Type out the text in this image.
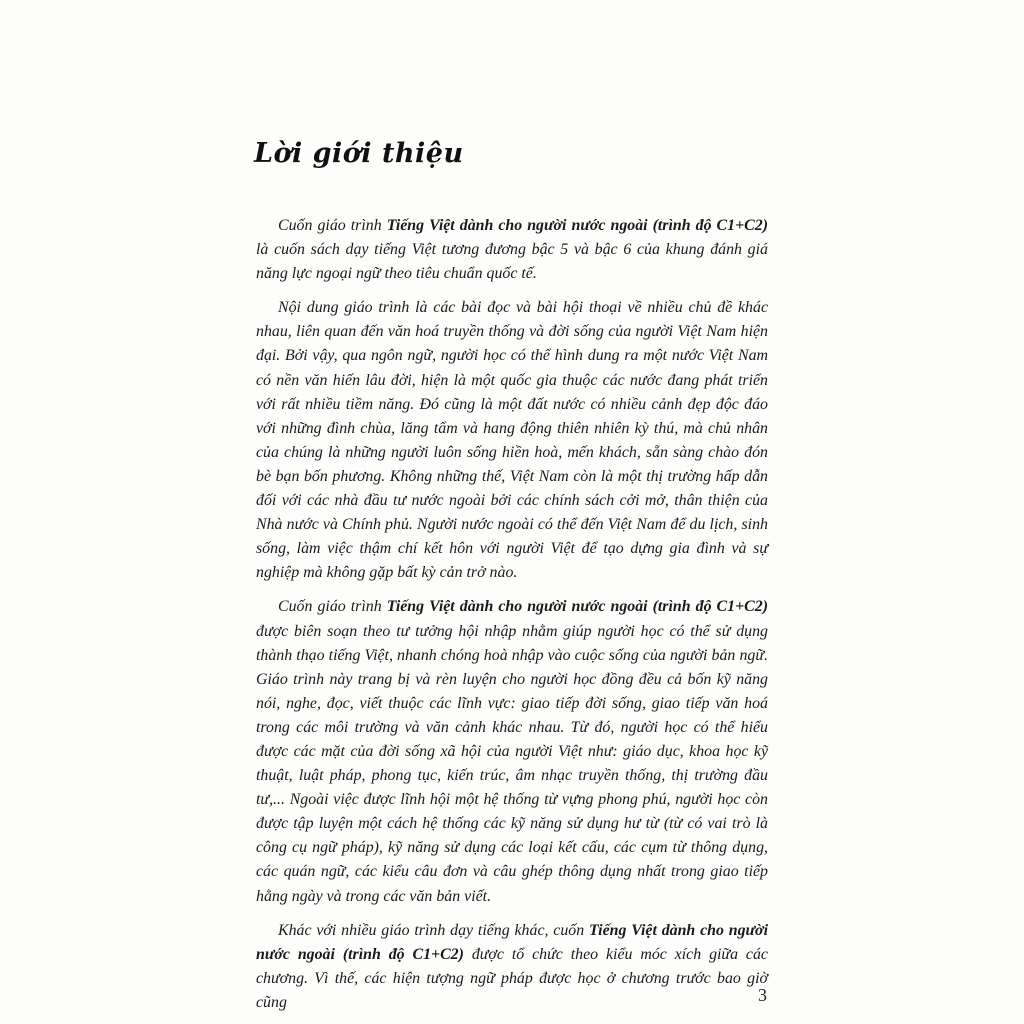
Lời giới thiệu

Cuốn giáo trình Tiếng Việt dành cho người nước ngoài (trình độ C1+C2) là cuốn sách dạy tiếng Việt tương đương bậc 5 và bậc 6 của khung đánh giá năng lực ngoại ngữ theo tiêu chuẩn quốc tế.

Nội dung giáo trình là các bài đọc và bài hội thoại về nhiều chủ đề khác nhau, liên quan đến văn hoá truyền thống và đời sống của người Việt Nam hiện đại. Bởi vậy, qua ngôn ngữ, người học có thể hình dung ra một nước Việt Nam có nền văn hiến lâu đời, hiện là một quốc gia thuộc các nước đang phát triển với rất nhiều tiềm năng. Đó cũng là một đất nước có nhiều cảnh đẹp độc đáo với những đình chùa, lăng tẩm và hang động thiên nhiên kỳ thú, mà chủ nhân của chúng là những người luôn sống hiền hoà, mến khách, sẵn sàng chào đón bè bạn bốn phương. Không những thế, Việt Nam còn là một thị trường hấp dẫn đối với các nhà đầu tư nước ngoài bởi các chính sách cởi mở, thân thiện của Nhà nước và Chính phủ. Người nước ngoài có thể đến Việt Nam để du lịch, sinh sống, làm việc thậm chí kết hôn với người Việt để tạo dựng gia đình và sự nghiệp mà không gặp bất kỳ cản trở nào.

Cuốn giáo trình Tiếng Việt dành cho người nước ngoài (trình độ C1+C2) được biên soạn theo tư tưởng hội nhập nhằm giúp người học có thể sử dụng thành thạo tiếng Việt, nhanh chóng hoà nhập vào cuộc sống của người bản ngữ. Giáo trình này trang bị và rèn luyện cho người học đồng đều cả bốn kỹ năng nói, nghe, đọc, viết thuộc các lĩnh vực: giao tiếp đời sống, giao tiếp văn hoá trong các môi trường và văn cảnh khác nhau. Từ đó, người học có thể hiểu được các mặt của đời sống xã hội của người Việt như: giáo dục, khoa học kỹ thuật, luật pháp, phong tục, kiến trúc, âm nhạc truyền thống, thị trường đầu tư,... Ngoài việc được lĩnh hội một hệ thống từ vựng phong phú, người học còn được tập luyện một cách hệ thống các kỹ năng sử dụng hư từ (từ có vai trò là công cụ ngữ pháp), kỹ năng sử dụng các loại kết cấu, các cụm từ thông dụng, các quán ngữ, các kiểu câu đơn và câu ghép thông dụng nhất trong giao tiếp hằng ngày và trong các văn bản viết.

Khác với nhiều giáo trình dạy tiếng khác, cuốn Tiếng Việt dành cho người nước ngoài (trình độ C1+C2) được tổ chức theo kiểu móc xích giữa các chương. Vì thế, các hiện tượng ngữ pháp được học ở chương trước bao giờ cũng	3
